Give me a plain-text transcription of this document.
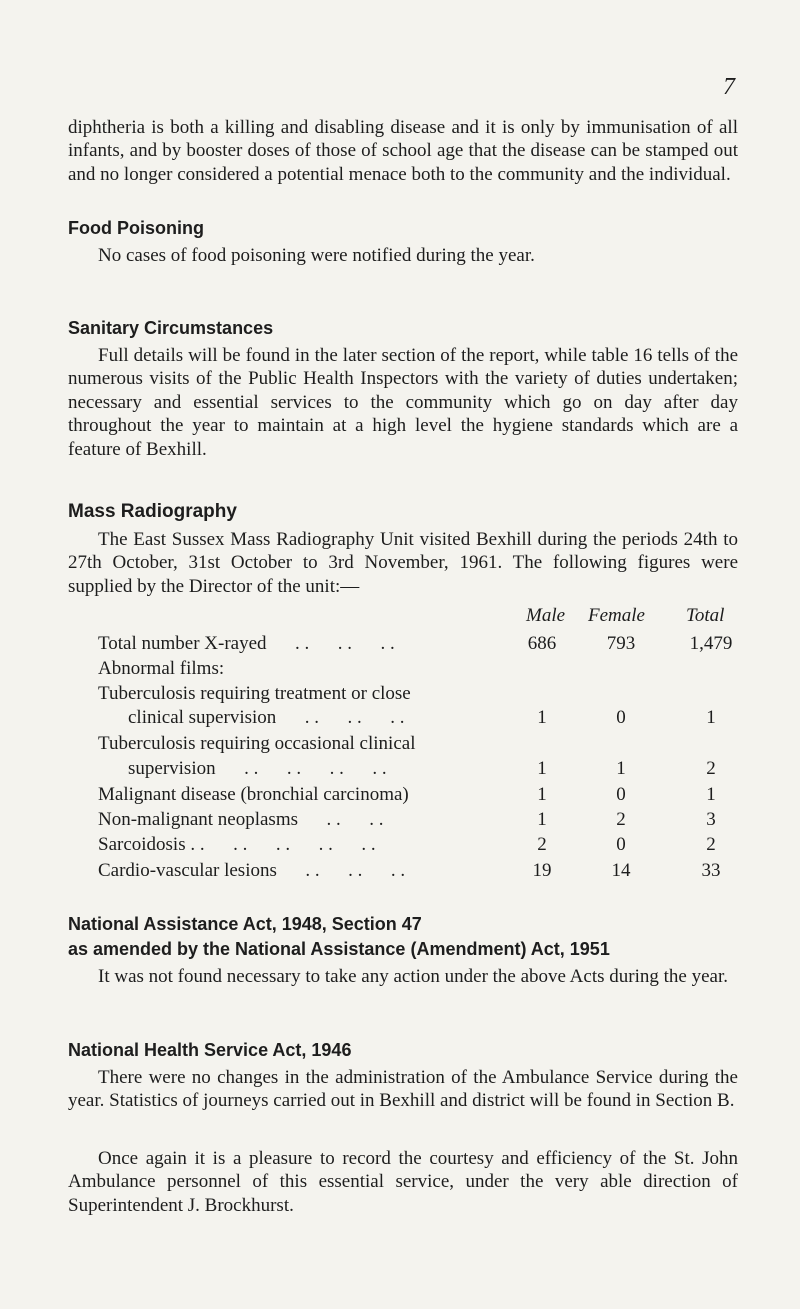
7

diphtheria is both a killing and disabling disease and it is only by immunisation of all infants, and by booster doses of those of school age that the disease can be stamped out and no longer considered a potential menace both to the community and the individual.

Food Poisoning

No cases of food poisoning were notified during the year.

Sanitary Circumstances

Full details will be found in the later section of the report, while table 16 tells of the numerous visits of the Public Health Inspectors with the variety of duties undertaken; necessary and essential services to the community which go on day after day throughout the year to maintain at a high level the hygiene standards which are a feature of Bexhill.

Mass Radiography

The East Sussex Mass Radiography Unit visited Bexhill during the periods 24th to 27th October, 31st October to 3rd November, 1961. The following figures were supplied by the Director of the unit:—

Male Female Total
Total number X-rayed      . .      . .      . .	686	793	1,479
Abnormal films:
Tuberculosis requiring treatment or close
clinical supervision      . .      . .      . .	1	0	1
Tuberculosis requiring occasional clinical
supervision      . .      . .      . .      . .	1	1	2
Malignant disease (bronchial carcinoma)	1	0	1
Non-malignant neoplasms      . .      . .	1	2	3
Sarcoidosis . .      . .      . .      . .      . .	2	0	2
Cardio-vascular lesions      . .      . .      . .	19	14	33
National Assistance Act, 1948, Section 47
as amended by the National Assistance (Amendment) Act, 1951

It was not found necessary to take any action under the above Acts during the year.

National Health Service Act, 1946

There were no changes in the administration of the Ambulance Service during the year. Statistics of journeys carried out in Bexhill and district will be found in Section B.

Once again it is a pleasure to record the courtesy and efficiency of the St. John Ambulance personnel of this essential service, under the very able direction of Superintendent J. Brockhurst.
